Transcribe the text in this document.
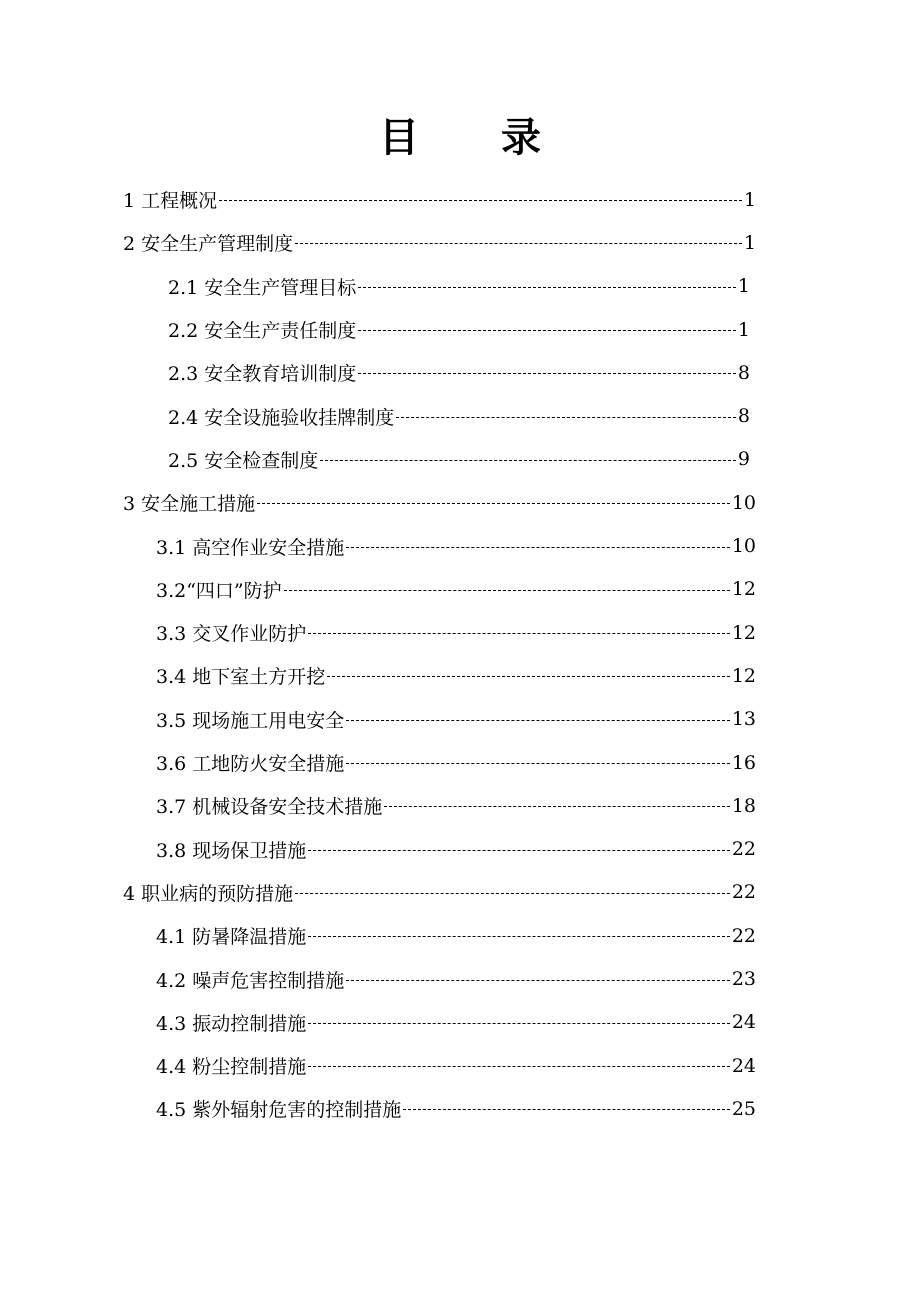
目 录
1 工程概况	1
2 安全生产管理制度	1
2.1 安全生产管理目标	1
2.2 安全生产责任制度	1
2.3 安全教育培训制度	8
2.4 安全设施验收挂牌制度	8
2.5 安全检查制度	9
3 安全施工措施	10
3.1 高空作业安全措施	10
3.2“四口”防护	12
3.3 交叉作业防护	12
3.4 地下室土方开挖	12
3.5 现场施工用电安全	13
3.6 工地防火安全措施	16
3.7 机械设备安全技术措施	18
3.8 现场保卫措施	22
4 职业病的预防措施	22
4.1 防暑降温措施	22
4.2 噪声危害控制措施	23
4.3 振动控制措施	24
4.4 粉尘控制措施	24
4.5 紫外辐射危害的控制措施	25
